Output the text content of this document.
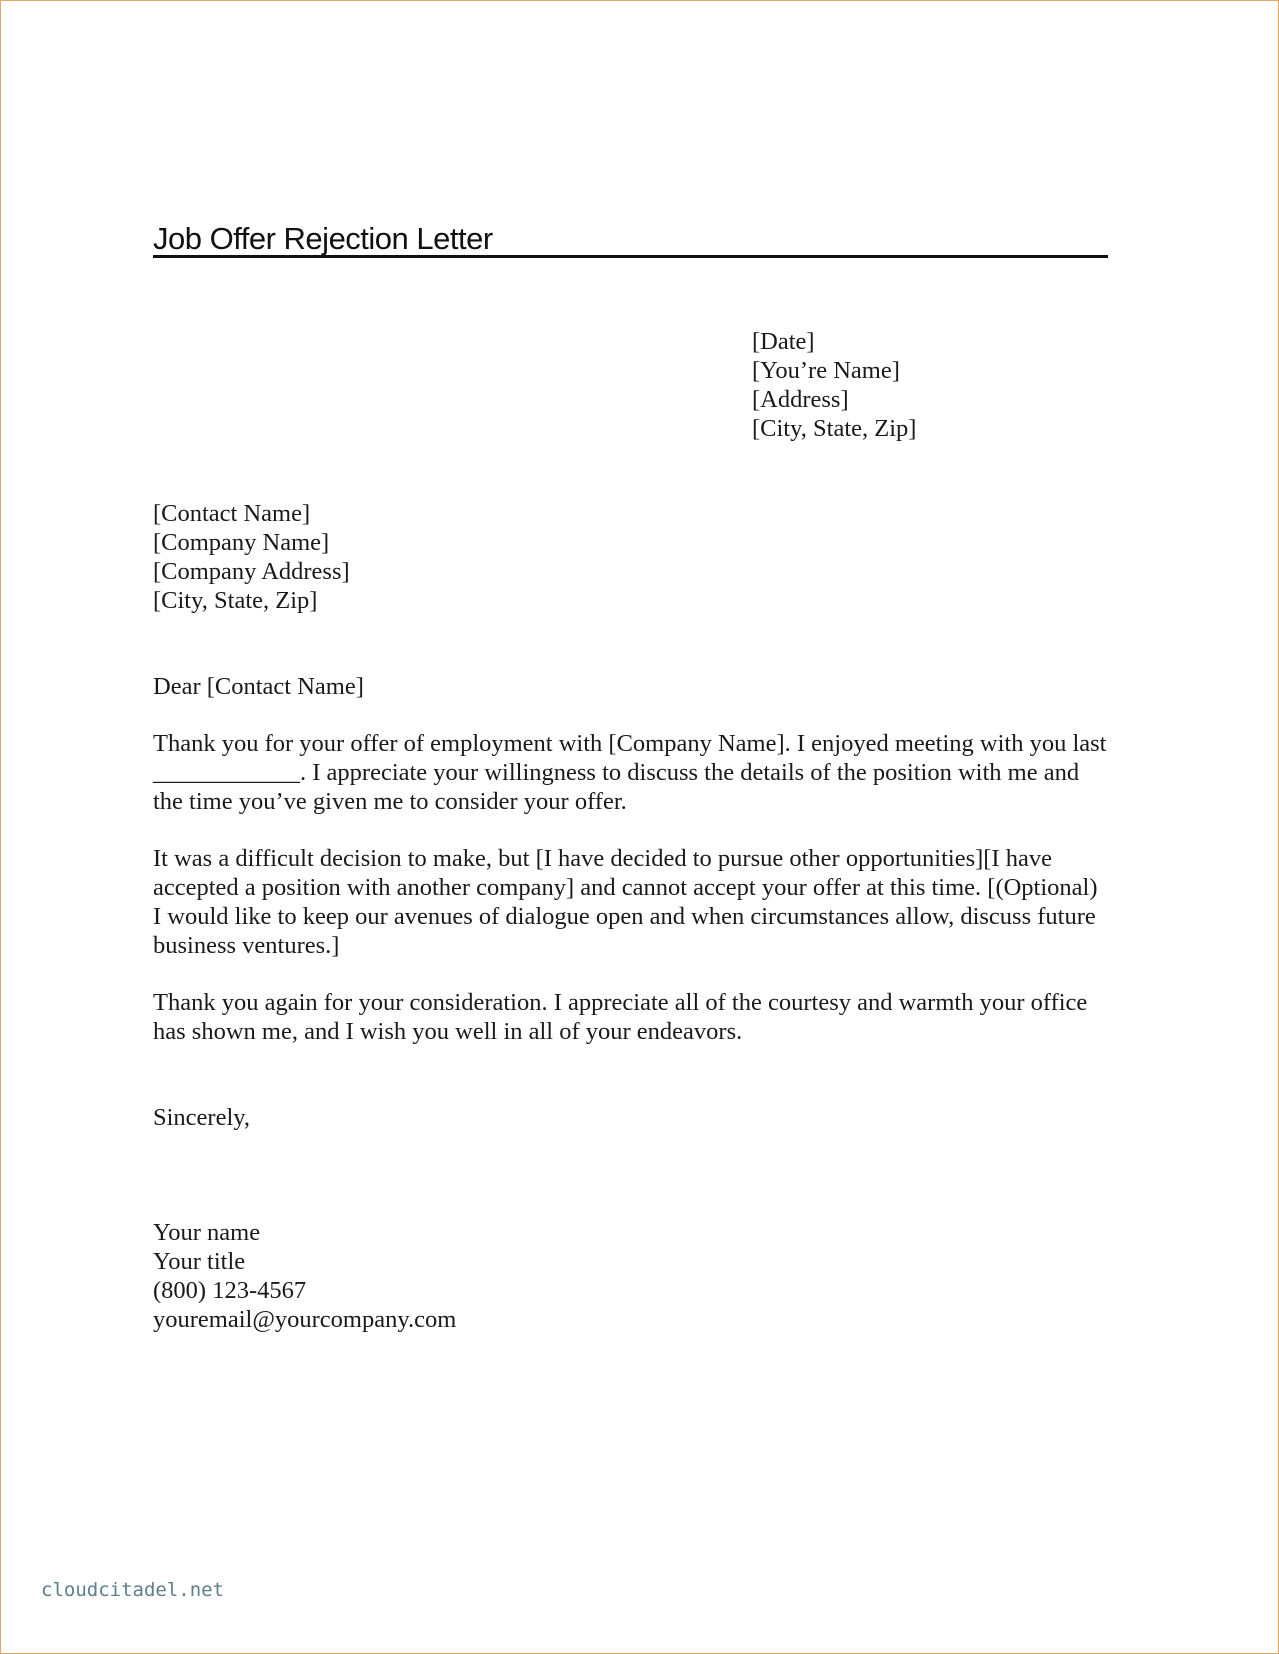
Job Offer Rejection Letter
[Date]
[You’re Name]
[Address]
[City, State, Zip]
[Contact Name]
[Company Name]
[Company Address]
[City, State, Zip]
Dear [Contact Name]
Thank you for your offer of employment with [Company Name]. I enjoyed meeting with you last
____________. I appreciate your willingness to discuss the details of the position with me and
the time you’ve given me to consider your offer.
It was a difficult decision to make, but [I have decided to pursue other opportunities][I have
accepted a position with another company] and cannot accept your offer at this time. [(Optional)
I would like to keep our avenues of dialogue open and when circumstances allow, discuss future
business ventures.]
Thank you again for your consideration. I appreciate all of the courtesy and warmth your office
has shown me, and I wish you well in all of your endeavors.
Sincerely,
Your name
Your title
(800) 123-4567
youremail@yourcompany.com
cloudcitadel.net
